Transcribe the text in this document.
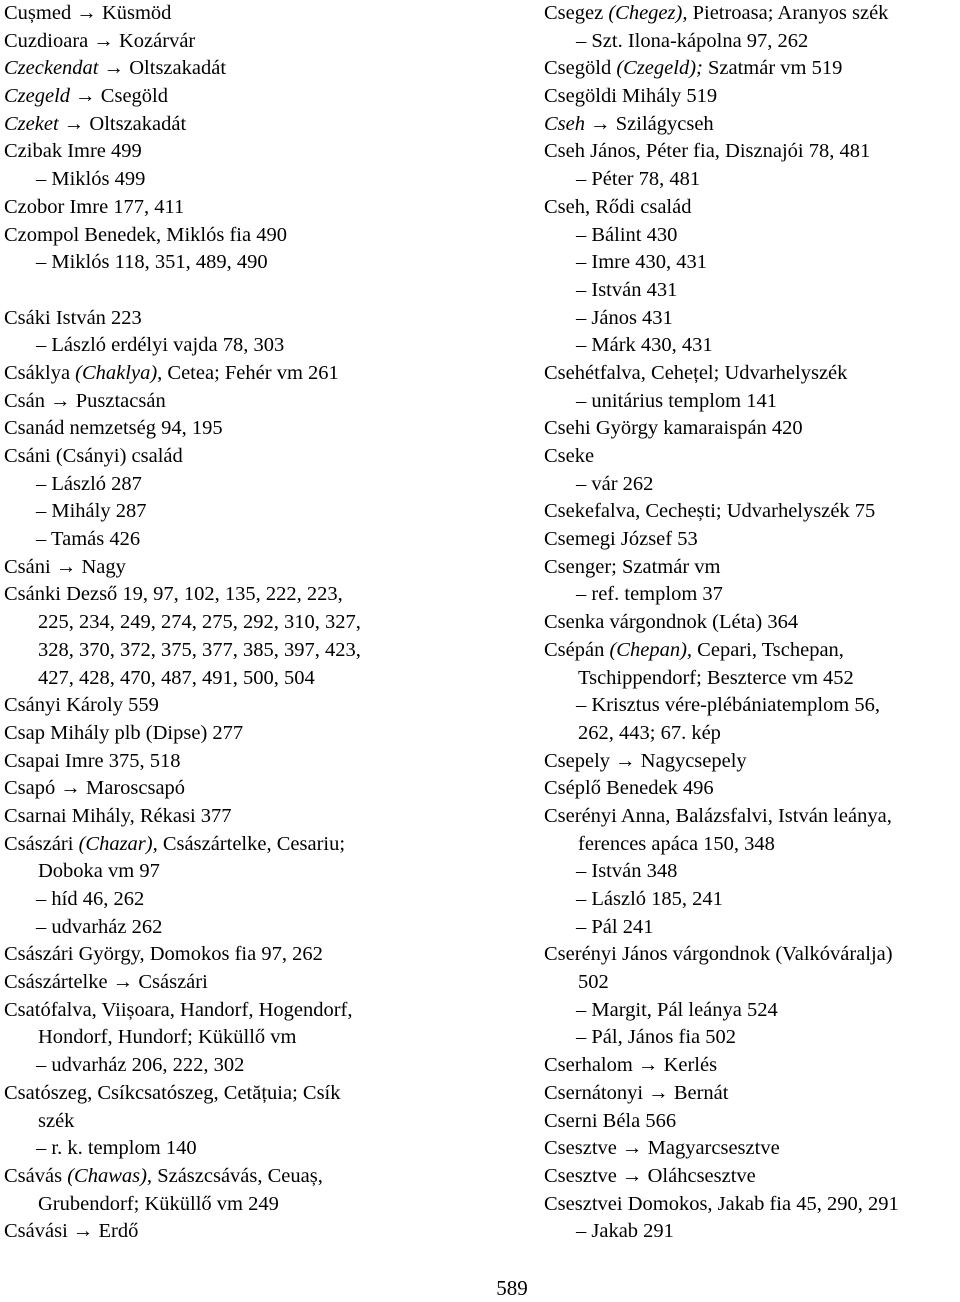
Cușmed → Küsmöd
Cuzdioara → Kozárvár
Czeckendat → Oltszakadát
Czegeld → Csegöld
Czeket → Oltszakadát
Czibak Imre 499
– Miklós 499
Czobor Imre 177, 411
Czompol Benedek, Miklós fia 490
– Miklós 118, 351, 489, 490
Csáki István 223
– László erdélyi vajda 78, 303
Csáklya (Chaklya), Cetea; Fehér vm 261
Csán → Pusztacsán
Csanád nemzetség 94, 195
Csáni (Csányi) család
– László 287
– Mihály 287
– Tamás 426
Csáni → Nagy
Csánki Dezső 19, 97, 102, 135, 222, 223,
225, 234, 249, 274, 275, 292, 310, 327,
328, 370, 372, 375, 377, 385, 397, 423,
427, 428, 470, 487, 491, 500, 504
Csányi Károly 559
Csap Mihály plb (Dipse) 277
Csapai Imre 375, 518
Csapó → Maroscsapó
Csarnai Mihály, Rékasi 377
Császári (Chazar), Császártelke, Cesariu;
Doboka vm 97
– híd 46, 262
– udvarház 262
Császári György, Domokos fia 97, 262
Császártelke → Császári
Csatófalva, Viișoara, Handorf, Hogendorf,
Hondorf, Hundorf; Küküllő vm
– udvarház 206, 222, 302
Csatószeg, Csíkcsatószeg, Cetățuia; Csík
szék
– r. k. templom 140
Csávás (Chawas), Szászcsávás, Ceuaș,
Grubendorf; Küküllő vm 249
Csávási → Erdő
Csegez (Chegez), Pietroasa; Aranyos szék
– Szt. Ilona-kápolna 97, 262
Csegöld (Czegeld); Szatmár vm 519
Csegöldi Mihály 519
Cseh → Szilágycseh
Cseh János, Péter fia, Disznajói 78, 481
– Péter 78, 481
Cseh, Rődi család
– Bálint 430
– Imre 430, 431
– István 431
– János 431
– Márk 430, 431
Csehétfalva, Cehețel; Udvarhelyszék
– unitárius templom 141
Csehi György kamaraispán 420
Cseke
– vár 262
Csekefalva, Cechești; Udvarhelyszék 75
Csemegi József 53
Csenger; Szatmár vm
– ref. templom 37
Csenka várgondnok (Léta) 364
Csépán (Chepan), Cepari, Tschepan,
Tschippendorf; Beszterce vm 452
– Krisztus vére-plébániatemplom 56,
262, 443; 67. kép
Csepely → Nagycsepely
Cséplő Benedek 496
Cserényi Anna, Balázsfalvi, István leánya,
ferences apáca 150, 348
– István 348
– László 185, 241
– Pál 241
Cserényi János várgondnok (Valkóváralja)
502
– Margit, Pál leánya 524
– Pál, János fia 502
Cserhalom → Kerlés
Csernátonyi → Bernát
Cserni Béla 566
Csesztve → Magyarcsesztve
Csesztve → Oláhcsesztve
Csesztvei Domokos, Jakab fia 45, 290, 291
– Jakab 291
589
